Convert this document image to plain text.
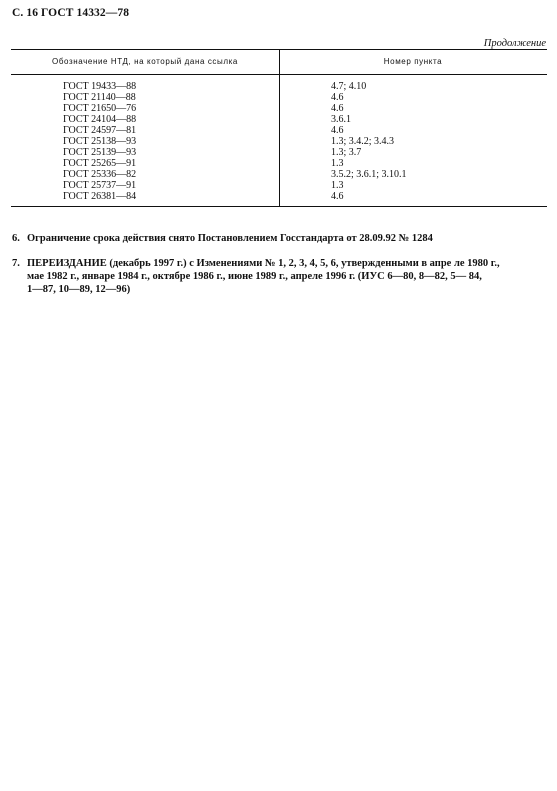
С. 16 ГОСТ 14332—78
Продолжение
Обозначение НТД, на который дана ссылка	Номер пункта
ГОСТ 19433—88	4.7; 4.10
ГОСТ 21140—88	4.6
ГОСТ 21650—76	4.6
ГОСТ 24104—88	3.6.1
ГОСТ 24597—81	4.6
ГОСТ 25138—93	1.3; 3.4.2; 3.4.3
ГОСТ 25139—93	1.3; 3.7
ГОСТ 25265—91	1.3
ГОСТ 25336—82	3.5.2; 3.6.1; 3.10.1
ГОСТ 25737—91	1.3
ГОСТ 26381—84	4.6
6. Ограничение срока действия снято Постановлением Госстандарта от 28.09.92 № 1284
7. ПЕРЕИЗДАНИЕ (декабрь 1997 г.) с Изменениями № 1, 2, 3, 4, 5, 6, утвержденными в апре ле 1980 г.,
мае 1982 г., январе 1984 г., октябре 1986 г., июне 1989 г., апреле 1996 г. (ИУС 6—80, 8—82, 5— 84,
1—87, 10—89, 12—96)
